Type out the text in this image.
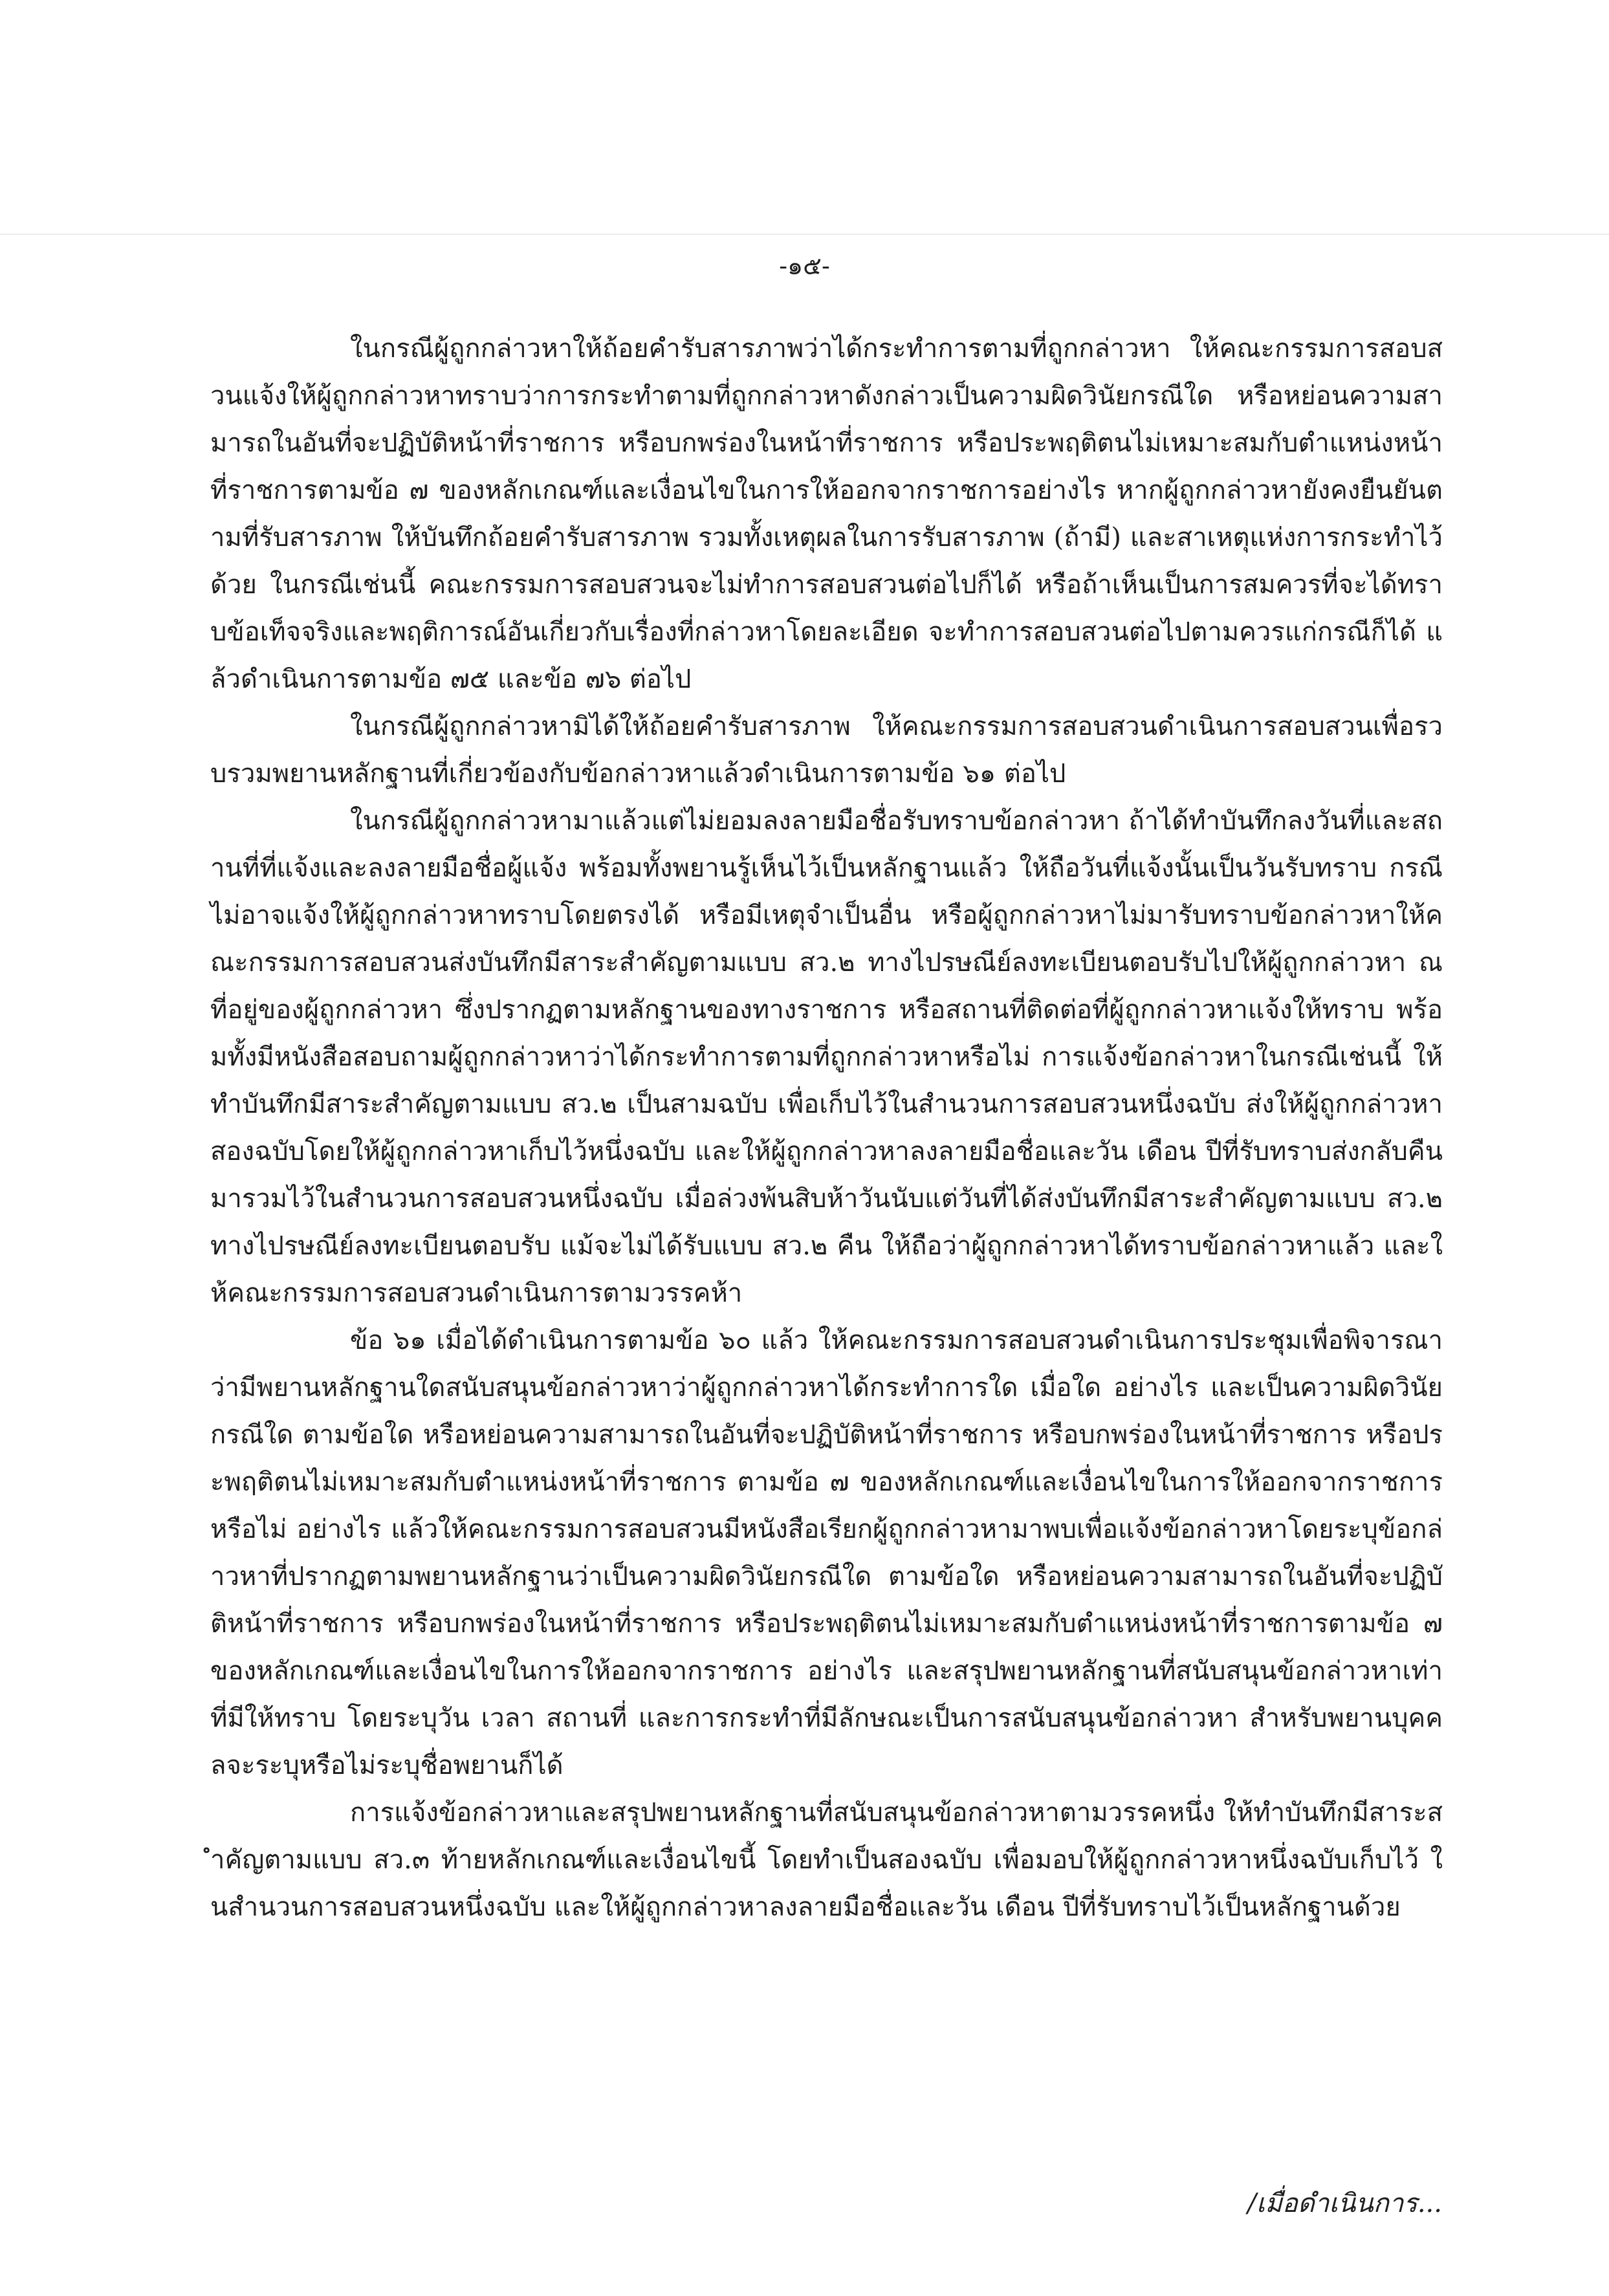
-๑๕-

ในกรณีผู้ถูกกล่าวหาให้ถ้อยคำรับสารภาพว่าได้กระทำการตามที่ถูกกล่าวหา ให้คณะกรรมการสอบสวนแจ้งให้ผู้ถูกกล่าวหาทราบว่าการกระทำตามที่ถูกกล่าวหาดังกล่าวเป็นความผิดวินัยกรณีใด หรือหย่อนความสามารถในอันที่จะปฏิบัติหน้าที่ราชการ หรือบกพร่องในหน้าที่ราชการ หรือประพฤติตนไม่เหมาะสมกับตำแหน่งหน้าที่ราชการตามข้อ ๗ ของหลักเกณฑ์และเงื่อนไขในการให้ออกจากราชการอย่างไร หากผู้ถูกกล่าวหายังคงยืนยันตามที่รับสารภาพ ให้บันทึกถ้อยคำรับสารภาพ รวมทั้งเหตุผลในการรับสารภาพ (ถ้ามี) และสาเหตุแห่งการกระทำไว้ด้วย ในกรณีเช่นนี้ คณะกรรมการสอบสวนจะไม่ทำการสอบสวนต่อไปก็ได้ หรือถ้าเห็นเป็นการสมควรที่จะได้ทราบข้อเท็จจริงและพฤติการณ์อันเกี่ยวกับเรื่องที่กล่าวหาโดยละเอียด จะทำการสอบสวนต่อไปตามควรแก่กรณีก็ได้ แล้วดำเนินการตามข้อ ๗๕ และข้อ ๗๖ ต่อไป

ในกรณีผู้ถูกกล่าวหามิได้ให้ถ้อยคำรับสารภาพ ให้คณะกรรมการสอบสวนดำเนินการสอบสวนเพื่อรวบรวมพยานหลักฐานที่เกี่ยวข้องกับข้อกล่าวหาแล้วดำเนินการตามข้อ ๖๑ ต่อไป

ในกรณีผู้ถูกกล่าวหามาแล้วแต่ไม่ยอมลงลายมือชื่อรับทราบข้อกล่าวหา ถ้าได้ทำบันทึกลงวันที่และสถานที่ที่แจ้งและลงลายมือชื่อผู้แจ้ง พร้อมทั้งพยานรู้เห็นไว้เป็นหลักฐานแล้ว ให้ถือวันที่แจ้งนั้นเป็นวันรับทราบ กรณีไม่อาจแจ้งให้ผู้ถูกกล่าวหาทราบโดยตรงได้ หรือมีเหตุจำเป็นอื่น หรือผู้ถูกกล่าวหาไม่มารับทราบข้อกล่าวหาให้คณะกรรมการสอบสวนส่งบันทึกมีสาระสำคัญตามแบบ สว.๒ ทางไปรษณีย์ลงทะเบียนตอบรับไปให้ผู้ถูกกล่าวหา ณ ที่อยู่ของผู้ถูกกล่าวหา ซึ่งปรากฏตามหลักฐานของทางราชการ หรือสถานที่ติดต่อที่ผู้ถูกกล่าวหาแจ้งให้ทราบ พร้อมทั้งมีหนังสือสอบถามผู้ถูกกล่าวหาว่าได้กระทำการตามที่ถูกกล่าวหาหรือไม่ การแจ้งข้อกล่าวหาในกรณีเช่นนี้ ให้ทำบันทึกมีสาระสำคัญตามแบบ สว.๒ เป็นสามฉบับ เพื่อเก็บไว้ในสำนวนการสอบสวนหนึ่งฉบับ ส่งให้ผู้ถูกกล่าวหาสองฉบับโดยให้ผู้ถูกกล่าวหาเก็บไว้หนึ่งฉบับ และให้ผู้ถูกกล่าวหาลงลายมือชื่อและวัน เดือน ปีที่รับทราบส่งกลับคืนมารวมไว้ในสำนวนการสอบสวนหนึ่งฉบับ เมื่อล่วงพ้นสิบห้าวันนับแต่วันที่ได้ส่งบันทึกมีสาระสำคัญตามแบบ สว.๒ ทางไปรษณีย์ลงทะเบียนตอบรับ แม้จะไม่ได้รับแบบ สว.๒ คืน ให้ถือว่าผู้ถูกกล่าวหาได้ทราบข้อกล่าวหาแล้ว และให้คณะกรรมการสอบสวนดำเนินการตามวรรคห้า

ข้อ ๖๑ เมื่อได้ดำเนินการตามข้อ ๖๐ แล้ว ให้คณะกรรมการสอบสวนดำเนินการประชุมเพื่อพิจารณาว่ามีพยานหลักฐานใดสนับสนุนข้อกล่าวหาว่าผู้ถูกกล่าวหาได้กระทำการใด เมื่อใด อย่างไร และเป็นความผิดวินัยกรณีใด ตามข้อใด หรือหย่อนความสามารถในอันที่จะปฏิบัติหน้าที่ราชการ หรือบกพร่องในหน้าที่ราชการ หรือประพฤติตนไม่เหมาะสมกับตำแหน่งหน้าที่ราชการ ตามข้อ ๗ ของหลักเกณฑ์และเงื่อนไขในการให้ออกจากราชการหรือไม่ อย่างไร แล้วให้คณะกรรมการสอบสวนมีหนังสือเรียกผู้ถูกกล่าวหามาพบเพื่อแจ้งข้อกล่าวหาโดยระบุข้อกล่าวหาที่ปรากฏตามพยานหลักฐานว่าเป็นความผิดวินัยกรณีใด ตามข้อใด หรือหย่อนความสามารถในอันที่จะปฏิบัติหน้าที่ราชการ หรือบกพร่องในหน้าที่ราชการ หรือประพฤติตนไม่เหมาะสมกับตำแหน่งหน้าที่ราชการตามข้อ ๗ ของหลักเกณฑ์และเงื่อนไขในการให้ออกจากราชการ อย่างไร และสรุปพยานหลักฐานที่สนับสนุนข้อกล่าวหาเท่าที่มีให้ทราบ โดยระบุวัน เวลา สถานที่ และการกระทำที่มีลักษณะเป็นการสนับสนุนข้อกล่าวหา สำหรับพยานบุคคลจะระบุหรือไม่ระบุชื่อพยานก็ได้

การแจ้งข้อกล่าวหาและสรุปพยานหลักฐานที่สนับสนุนข้อกล่าวหาตามวรรคหนึ่ง ให้ทำบันทึกมีสาระสำคัญตามแบบ สว.๓ ท้ายหลักเกณฑ์และเงื่อนไขนี้ โดยทำเป็นสองฉบับ เพื่อมอบให้ผู้ถูกกล่าวหาหนึ่งฉบับเก็บไว้ ในสำนวนการสอบสวนหนึ่งฉบับ และให้ผู้ถูกกล่าวหาลงลายมือชื่อและวัน เดือน ปีที่รับทราบไว้เป็นหลักฐานด้วย

/เมื่อดำเนินการ...
